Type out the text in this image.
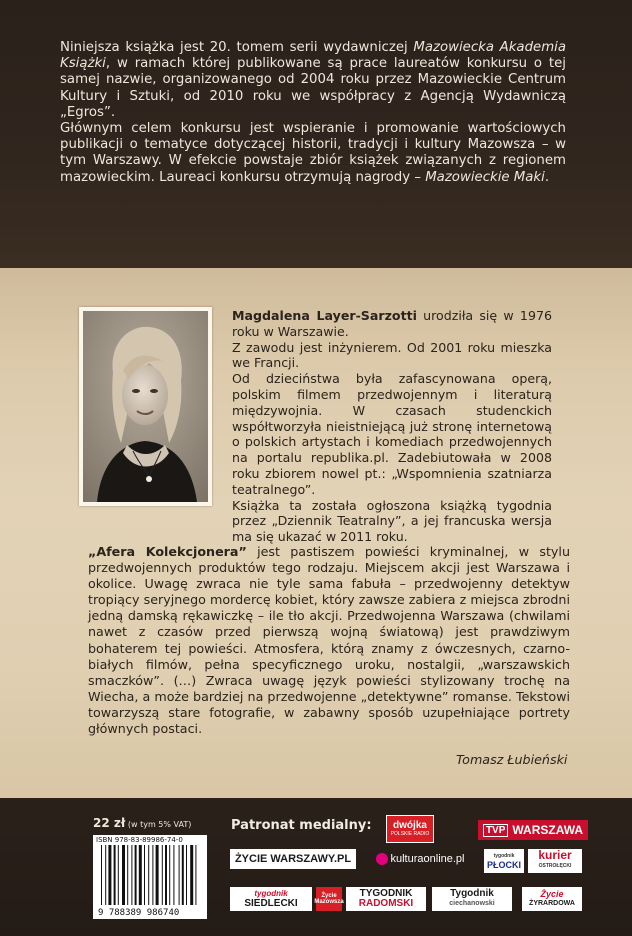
Niniejsza książka jest 20. tomem serii wydawniczej Mazowiecka Akademia Książki, w ramach której publikowane są prace laureatów konkursu o tej samej nazwie, organizowanego od 2004 roku przez Mazowieckie Centrum Kultury i Sztuki, od 2010 roku we współpracy z Agencją Wydawniczą „Egros”.

Głównym celem konkursu jest wspieranie i promowanie wartościowych publikacji o tematyce dotyczącej historii, tradycji i kultury Mazowsza – w tym Warszawy. W efekcie powstaje zbiór książek związanych z regionem mazowieckim. Laureaci konkursu otrzymują nagrody – Mazowieckie Maki.

Magdalena Layer-Sarzotti urodziła się w 1976 roku w Warszawie.

Z zawodu jest inżynierem. Od 2001 roku mieszka we Francji.

Od dzieciństwa była zafascynowana operą, polskim filmem przedwojennym i literaturą międzywojnia. W czasach studenckich współtworzyła nieistniejącą już stronę internetową o polskich artystach i komediach przedwojennych na portalu republika.pl. Zadebiutowała w 2008 roku zbiorem nowel pt.: „Wspomnienia szatniarza teatralnego”.

Książka ta została ogłoszona książką tygodnia przez „Dziennik Teatralny”, a jej francuska wersja ma się ukazać w 2011 roku.

„Afera Kolekcjonera” jest pastiszem powieści kryminalnej, w stylu przedwojennych produktów tego rodzaju. Miejscem akcji jest Warszawa i okolice. Uwagę zwraca nie tyle sama fabuła – przedwojenny detektyw tropiący seryjnego mordercę kobiet, który zawsze zabiera z miejsca zbrodni jedną damską rękawiczkę – ile tło akcji. Przedwojenna Warszawa (chwilami nawet z czasów przed pierwszą wojną światową) jest prawdziwym bohaterem tej powieści. Atmosfera, którą znamy z ówczesnych, czarno-białych filmów, pełna specyficznego uroku, nostalgii, „warszawskich smaczków”. (…) Zwraca uwagę język powieści stylizowany trochę na Wiecha, a może bardziej na przedwojenne „detektywne” romanse. Tekstowi towarzyszą stare fotografie, w zabawny sposób uzupełniające portrety głównych postaci.

Tomasz Łubieński
22 zł (w tym 5% VAT)
ISBN 978-83-89986-74-0
9 788389 986740
Patronat medialny: dwójka
POLSKIE RADIO	TVP WARSZAWA
ŻYCIE WARSZAWY.PL	kulturaonline.pl	tygodnik
PŁOCKI
kurier
OSTROŁĘCKI
tygodnik
SIEDLECKI
Życie Mazowsza
TYGODNIK
RADOMSKI
Tygodnik
ciechanowski
Życie
ŻYRARDOWA
